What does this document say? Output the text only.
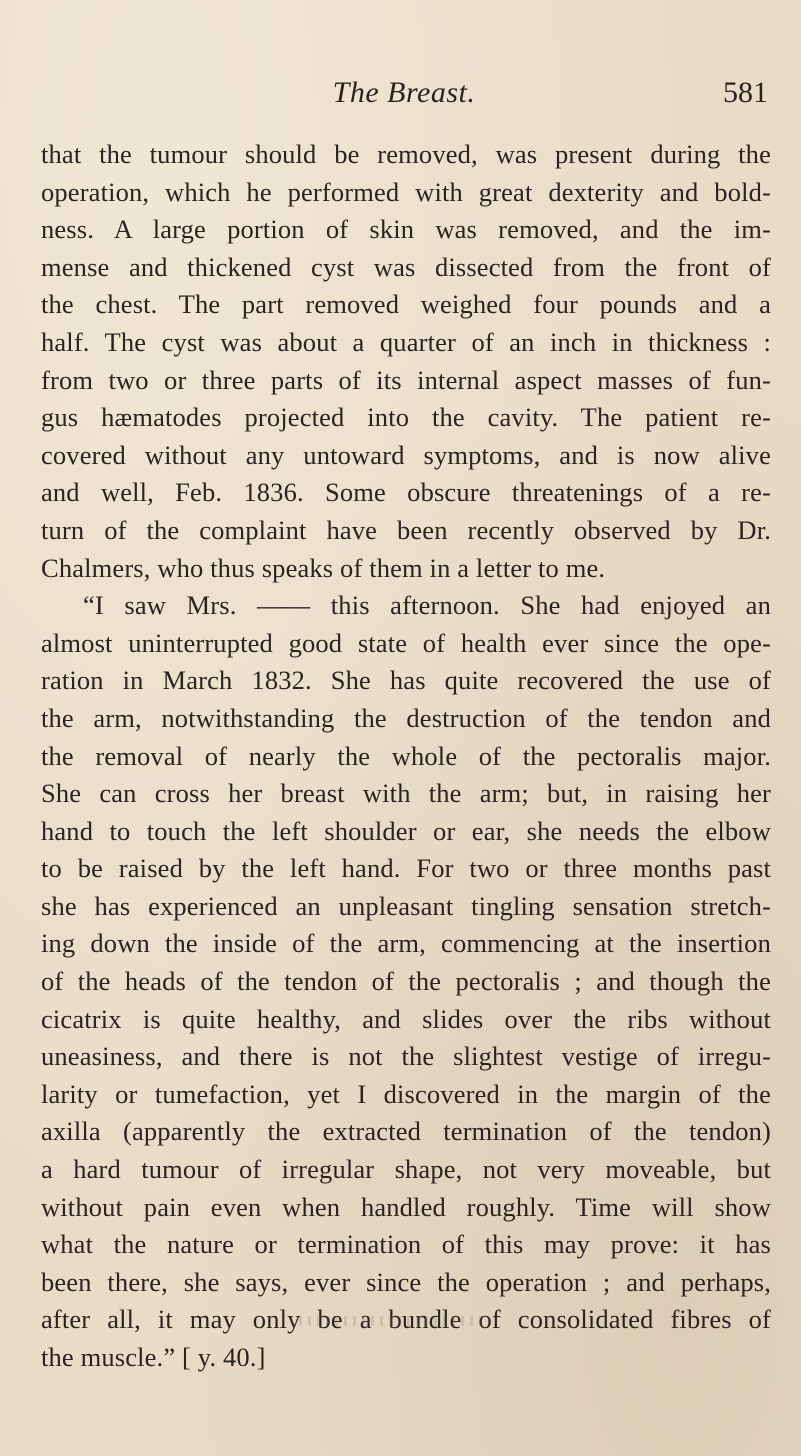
The Breast.	581
that the tumour should be removed, was present during the
operation, which he performed with great dexterity and bold-
ness. A large portion of skin was removed, and the im-
mense and thickened cyst was dissected from the front of
the chest. The part removed weighed four pounds and a
half. The cyst was about a quarter of an inch in thickness :
from two or three parts of its internal aspect masses of fun-
gus hæmatodes projected into the cavity. The patient re-
covered without any untoward symptoms, and is now alive
and well, Feb. 1836. Some obscure threatenings of a re-
turn of the complaint have been recently observed by Dr.
Chalmers, who thus speaks of them in a letter to me.
“I saw Mrs. —— this afternoon. She had enjoyed an
almost uninterrupted good state of health ever since the ope-
ration in March 1832. She has quite recovered the use of
the arm, notwithstanding the destruction of the tendon and
the removal of nearly the whole of the pectoralis major.
She can cross her breast with the arm; but, in raising her
hand to touch the left shoulder or ear, she needs the elbow
to be raised by the left hand. For two or three months past
she has experienced an unpleasant tingling sensation stretch-
ing down the inside of the arm, commencing at the insertion
of the heads of the tendon of the pectoralis ; and though the
cicatrix is quite healthy, and slides over the ribs without
uneasiness, and there is not the slightest vestige of irregu-
larity or tumefaction, yet I discovered in the margin of the
axilla (apparently the extracted termination of the tendon)
a hard tumour of irregular shape, not very moveable, but
without pain even when handled roughly. Time will show
what the nature or termination of this may prove: it has
been there, she says, ever since the operation ; and perhaps,
after all, it may only be a bundle of consolidated fibres of
the muscle.” [ y. 40.]
